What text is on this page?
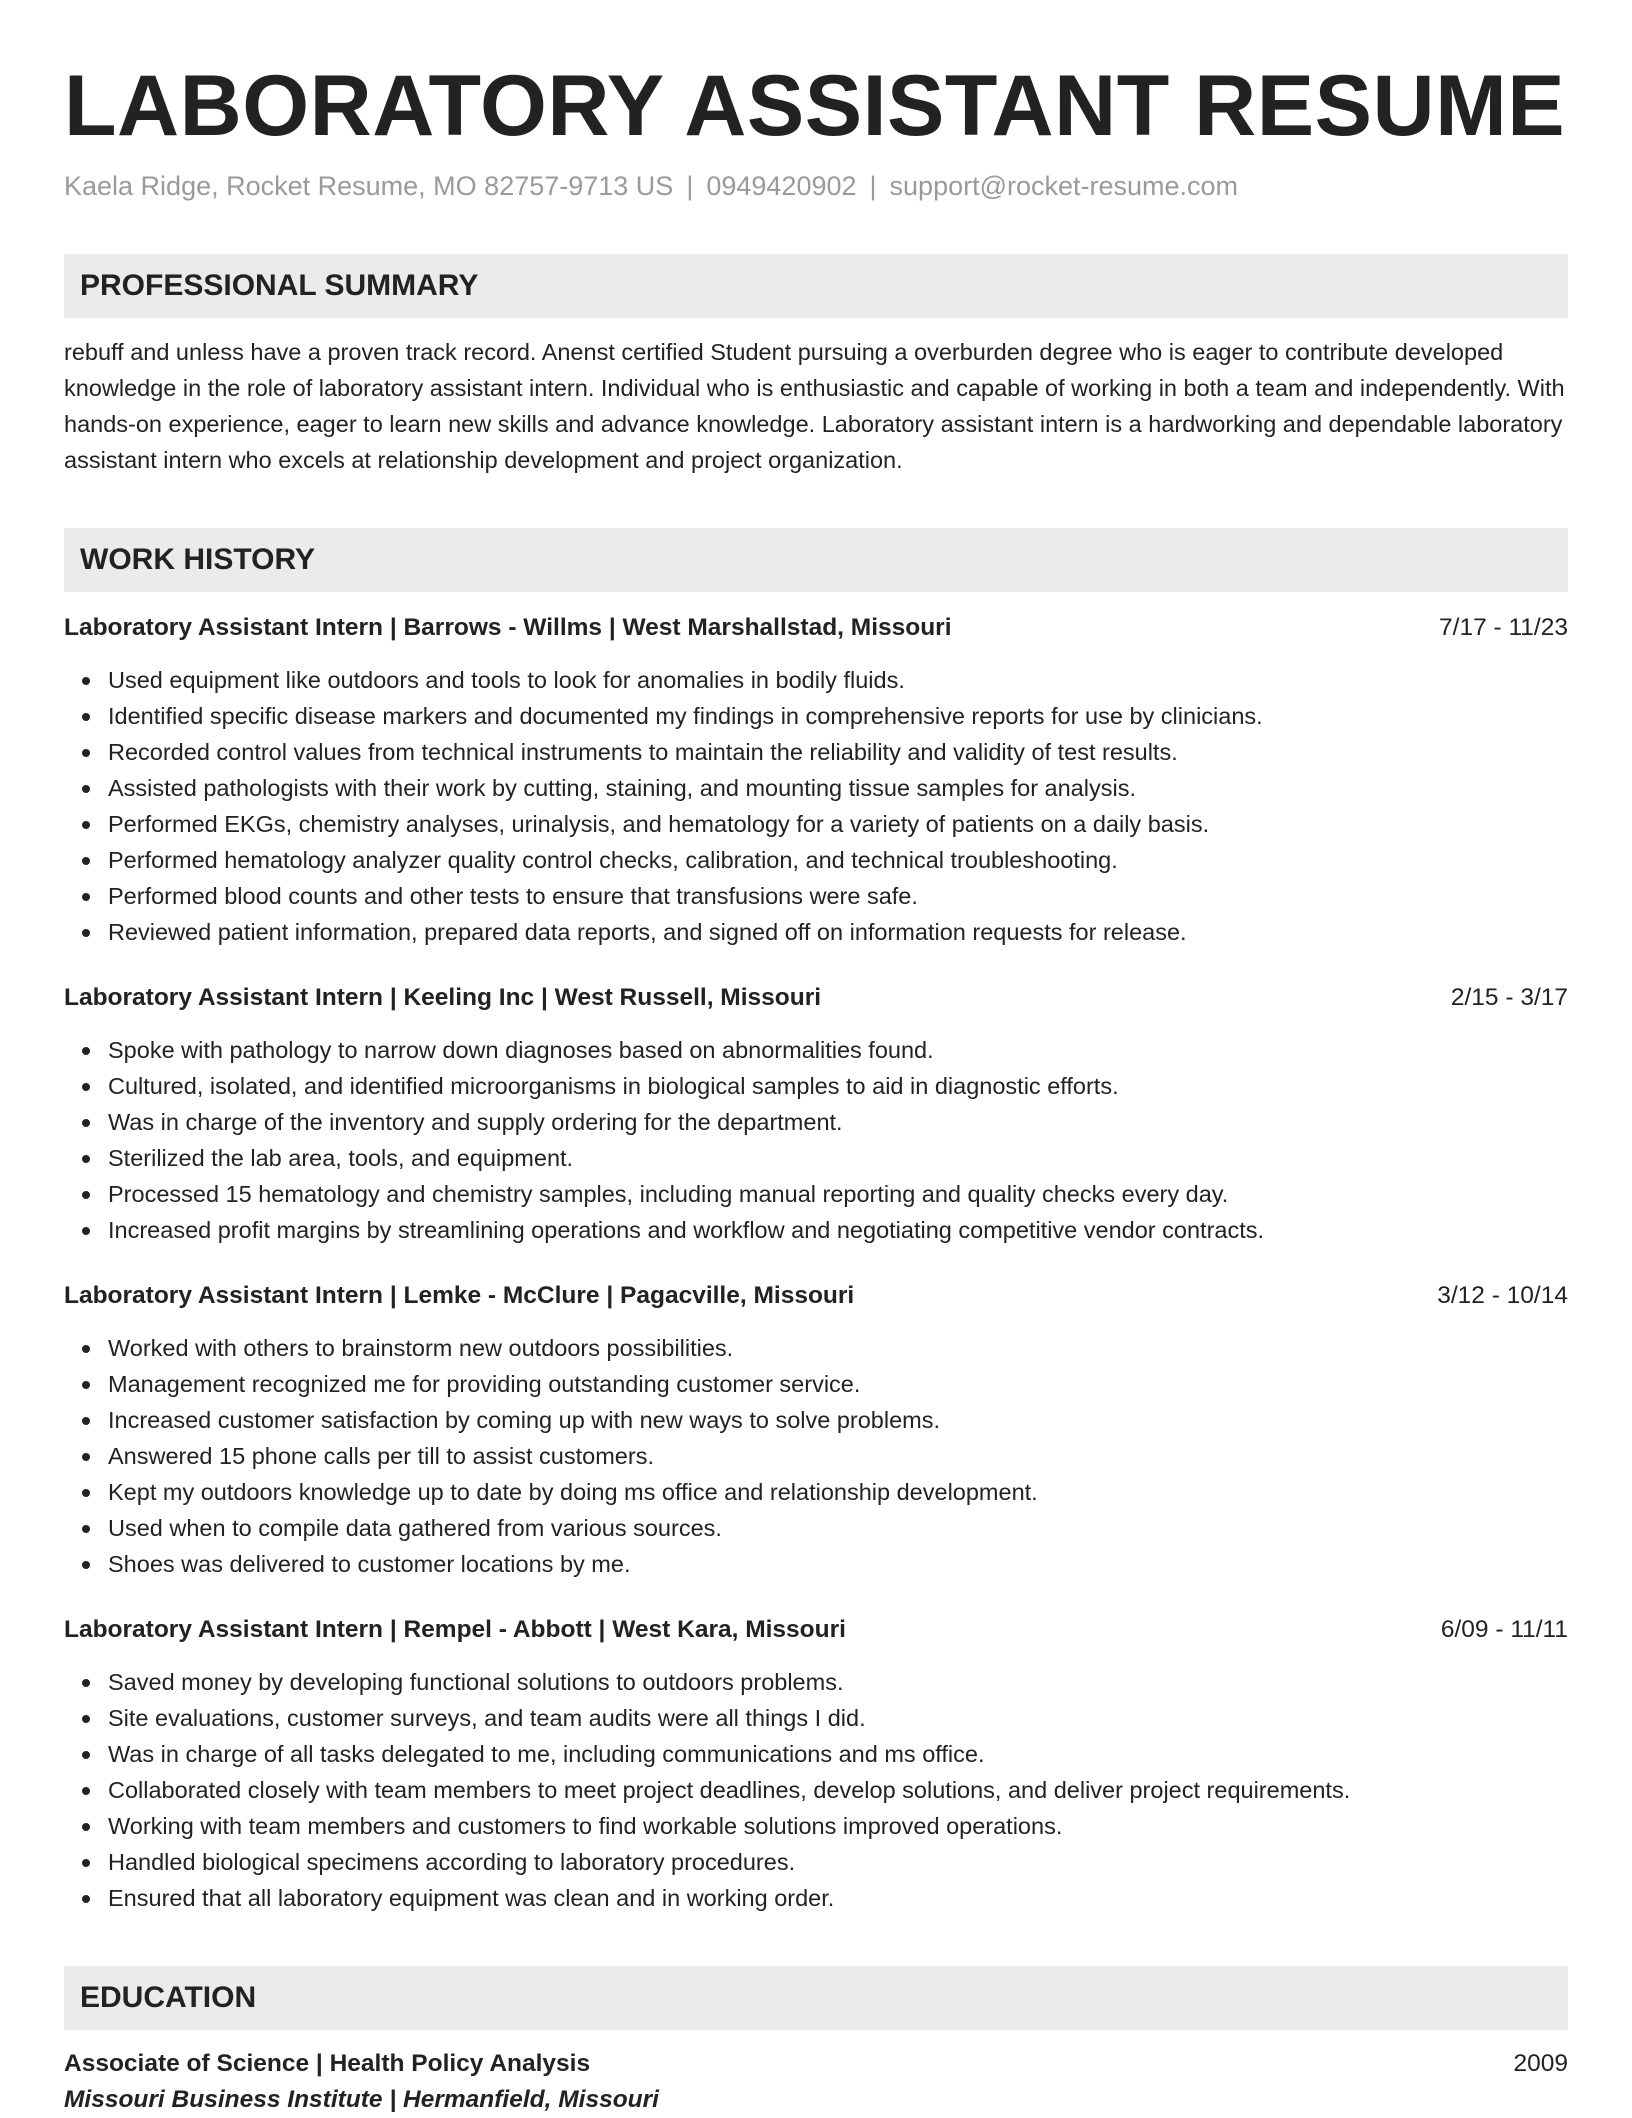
LABORATORY ASSISTANT RESUME
Kaela Ridge, Rocket Resume, MO 82757-9713 US | 0949420902 | support@rocket-resume.com
PROFESSIONAL SUMMARY
rebuff and unless have a proven track record. Anenst certified Student pursuing a overburden degree who is eager to contribute developed knowledge in the role of laboratory assistant intern. Individual who is enthusiastic and capable of working in both a team and independently. With hands-on experience, eager to learn new skills and advance knowledge. Laboratory assistant intern is a hardworking and dependable laboratory assistant intern who excels at relationship development and project organization.
WORK HISTORY
Laboratory Assistant Intern | Barrows - Willms | West Marshallstad, Missouri	7/17 - 11/23
Used equipment like outdoors and tools to look for anomalies in bodily fluids.
Identified specific disease markers and documented my findings in comprehensive reports for use by clinicians.
Recorded control values from technical instruments to maintain the reliability and validity of test results.
Assisted pathologists with their work by cutting, staining, and mounting tissue samples for analysis.
Performed EKGs, chemistry analyses, urinalysis, and hematology for a variety of patients on a daily basis.
Performed hematology analyzer quality control checks, calibration, and technical troubleshooting.
Performed blood counts and other tests to ensure that transfusions were safe.
Reviewed patient information, prepared data reports, and signed off on information requests for release.
Laboratory Assistant Intern | Keeling Inc | West Russell, Missouri	2/15 - 3/17
Spoke with pathology to narrow down diagnoses based on abnormalities found.
Cultured, isolated, and identified microorganisms in biological samples to aid in diagnostic efforts.
Was in charge of the inventory and supply ordering for the department.
Sterilized the lab area, tools, and equipment.
Processed 15 hematology and chemistry samples, including manual reporting and quality checks every day.
Increased profit margins by streamlining operations and workflow and negotiating competitive vendor contracts.
Laboratory Assistant Intern | Lemke - McClure | Pagacville, Missouri	3/12 - 10/14
Worked with others to brainstorm new outdoors possibilities.
Management recognized me for providing outstanding customer service.
Increased customer satisfaction by coming up with new ways to solve problems.
Answered 15 phone calls per till to assist customers.
Kept my outdoors knowledge up to date by doing ms office and relationship development.
Used when to compile data gathered from various sources.
Shoes was delivered to customer locations by me.
Laboratory Assistant Intern | Rempel - Abbott | West Kara, Missouri	6/09 - 11/11
Saved money by developing functional solutions to outdoors problems.
Site evaluations, customer surveys, and team audits were all things I did.
Was in charge of all tasks delegated to me, including communications and ms office.
Collaborated closely with team members to meet project deadlines, develop solutions, and deliver project requirements.
Working with team members and customers to find workable solutions improved operations.
Handled biological specimens according to laboratory procedures.
Ensured that all laboratory equipment was clean and in working order.
EDUCATION
Associate of Science | Health Policy Analysis	2009
Missouri Business Institute | Hermanfield, Missouri
